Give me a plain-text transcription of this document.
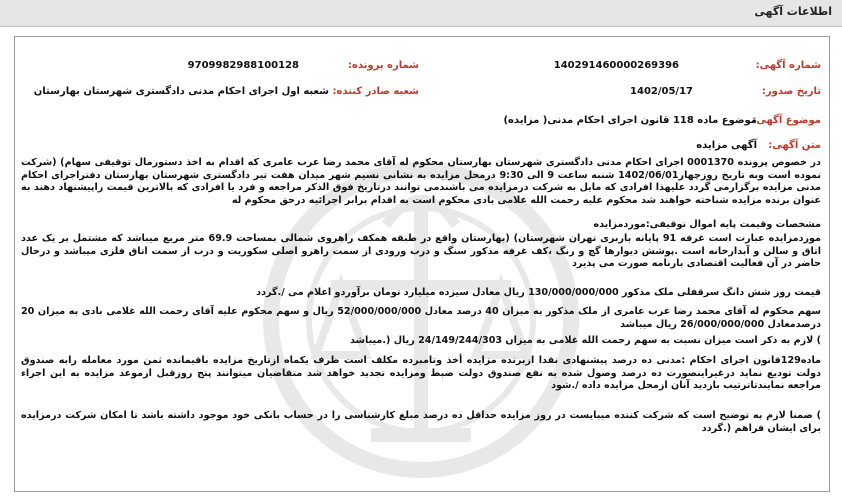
اطلاعات آگهی
شماره آگهی:
140291460000269396
شماره پرونده:
9709982988100128
تاریخ صدور:
1402/05/17
شعبه صادر کننده:
شعبه اول اجرای احکام مدنی دادگستری شهرستان بهارستان
موضوع آگهی:
موضوع ماده 118 قانون اجرای احکام مدنی( مزایده)
متن آگهی:
آگهی مزایده
در خصوص پرونده 0001370 اجرای احکام مدنی دادگستری شهرستان بهارستان محکوم له آقای محمد رضا عرب عامری که اقدام به اخذ دستورمال توقیفی سهام) (شرکت نموده است وبه تاریخ روزچهار1402/06/01 شنبه ساعت 9 الی 9:30 درمحل مزایده به نشانی نسیم شهر میدان هفت تیر دادگستری شهرستان بهارستان دفتراجرای احکام مدنی مزایده برگزارمی گردد علیهذا افرادی که مایل به شرکت درمزایده می باشندمی توانند درتاریخ فوق الذکر مراجعه و فرد یا افرادی که بالاترین قیمت راپیشنهاد دهند به عنوان برنده مزایده شناخته خواهند شد محکوم علیه رحمت الله غلامی بادی محکوم است به اقدام برابر اجرائیه درحق محکوم له
مشخصات وقیمت پایه اموال توقیفی:موردمزایده
موردمزایده عبارت است غرفه 91 پایانه باربری تهران شهرستان) (بهارستان واقع در طبقه همکف راهروی شمالی بمساحت 69.9 متر مربع میباشد که مشتمل بر یک عدد اتاق و سالن و آبدارخانه است .پوشش دیوارها گچ و رنگ ،کف غرفه مذکور سنگ و درب ورودی از سمت راهرو اصلی سکوریت و درب از سمت اتاق فلزی میباشد و درحال حاضر در آن فعالیت اقتصادی بارنامه صورت می پذیرد
قیمت روز شش دانگ سرقفلی ملک مذکور 130/000/000/000 ریال معادل سیزده میلیارد تومان برآوردو اعلام می /.گردد
سهم محکوم له آقای محمد رضا عرب عامری از ملک مذکور به میزان 40 درصد معادل 52/000/000/000 ریال و سهم محکوم علیه آقای رحمت الله غلامی بادی به میزان 20 درصدمعادل 26/000/000/000 ریال میباشد
) لازم به ذکر است میزان نسبت به سهم رحمت الله غلامی به میزان 24/149/244/303 ریال (.میباشد
ماده129قانون اجرای احکام :مدنی ده درصد پیشنهادی نقدا ازبرنده مزایده أخذ وتامبرده مکلف است ظرف یکماه ازتاریخ مزایده باقیمانده ثمن مورد معامله رابه صندوق دولت تودیع نماید درغیراینصورت ده درصد وصول شده به نفع صندوق دولت ضبط ومزایده تجدید خواهد شد متقاضیان میتوانند پنج روزقبل ازموعد مزایده به این اجراء مراجعه نمایندتاترتیب بازدید آنان ازمحل مزایده داده /.شود
) ضمنا لازم به توضیح است که شرکت کننده میبایست در روز مزایده حداقل ده درصد مبلغ کارشناسی را در حساب بانکی خود موجود داشته باشد تا امکان شرکت درمزایده برای ایشان فراهم (.گردد
